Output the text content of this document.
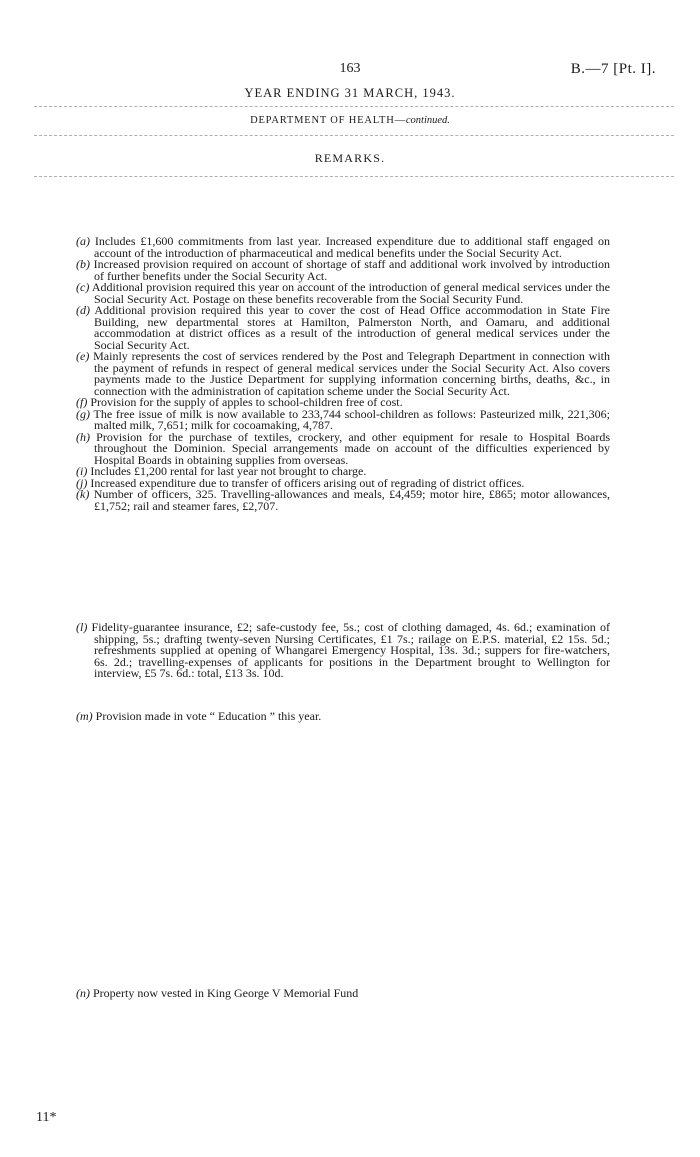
163	B.—7 [Pt. I].
YEAR ENDING 31 MARCH, 1943.
DEPARTMENT OF HEALTH—continued.
REMARKS.

(a) Includes £1,600 commitments from last year. Increased expenditure due to additional staff engaged on account of the introduction of pharmaceutical and medical benefits under the Social Security Act.

(b) Increased provision required on account of shortage of staff and additional work involved by introduction of further benefits under the Social Security Act.

(c) Additional provision required this year on account of the introduction of general medical services under the Social Security Act. Postage on these benefits recoverable from the Social Security Fund.

(d) Additional provision required this year to cover the cost of Head Office accommodation in State Fire Building, new departmental stores at Hamilton, Palmerston North, and Oamaru, and additional accommodation at district offices as a result of the introduction of general medical services under the Social Security Act.

(e) Mainly represents the cost of services rendered by the Post and Telegraph Department in connection with the payment of refunds in respect of general medical services under the Social Security Act. Also covers payments made to the Justice Department for supplying information concerning births, deaths, &c., in connection with the administration of capitation scheme under the Social Security Act.

(f) Provision for the supply of apples to school-children free of cost.

(g) The free issue of milk is now available to 233,744 school-children as follows: Pasteurized milk, 221,306; malted milk, 7,651; milk for cocoamaking, 4,787.

(h) Provision for the purchase of textiles, crockery, and other equipment for resale to Hospital Boards throughout the Dominion. Special arrangements made on account of the difficulties experienced by Hospital Boards in obtaining supplies from overseas.

(i) Includes £1,200 rental for last year not brought to charge.

(j) Increased expenditure due to transfer of officers arising out of regrading of district offices.

(k) Number of officers, 325. Travelling-allowances and meals, £4,459; motor hire, £865; motor allowances, £1,752; rail and steamer fares, £2,707.

(l) Fidelity-guarantee insurance, £2; safe-custody fee, 5s.; cost of clothing damaged, 4s. 6d.; examination of shipping, 5s.; drafting twenty-seven Nursing Certificates, £1 7s.; railage on E.P.S. material, £2 15s. 5d.; refreshments supplied at opening of Whangarei Emergency Hospital, 13s. 3d.; suppers for fire-watchers, 6s. 2d.; travelling-expenses of applicants for positions in the Department brought to Wellington for interview, £5 7s. 6d.: total, £13 3s. 10d.

(m) Provision made in vote “ Education ” this year.

(n) Property now vested in King George V Memorial Fund

11*
